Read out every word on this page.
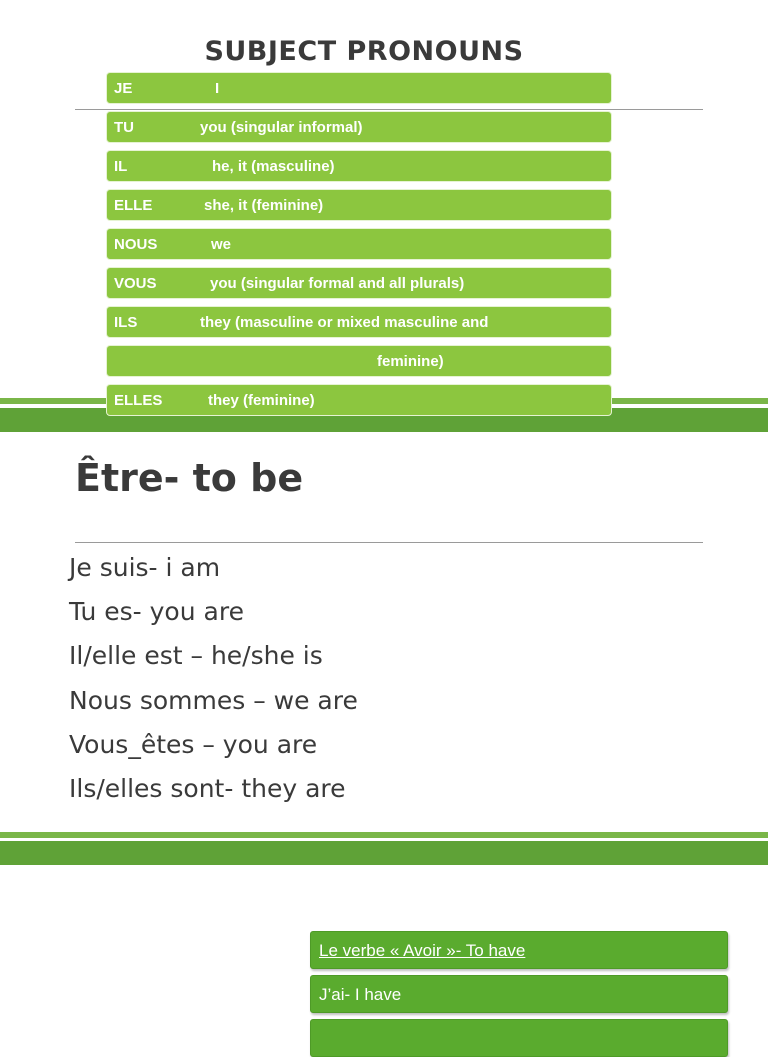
SUBJECT PRONOUNS
JE	I
TU	you (singular informal)
IL	he, it (masculine)
ELLE	she, it (feminine)
NOUS	we
VOUS	you (singular formal and all plurals)
ILS	they (masculine or mixed masculine and
feminine)
ELLES	they (feminine)
Être- to be
Je suis- i am
Tu es- you are
Il/elle est – he/she is
Nous sommes – we are
Vous_êtes – you are
Ils/elles sont- they are
Le verbe « Avoir »- To have
J’ai- I have
